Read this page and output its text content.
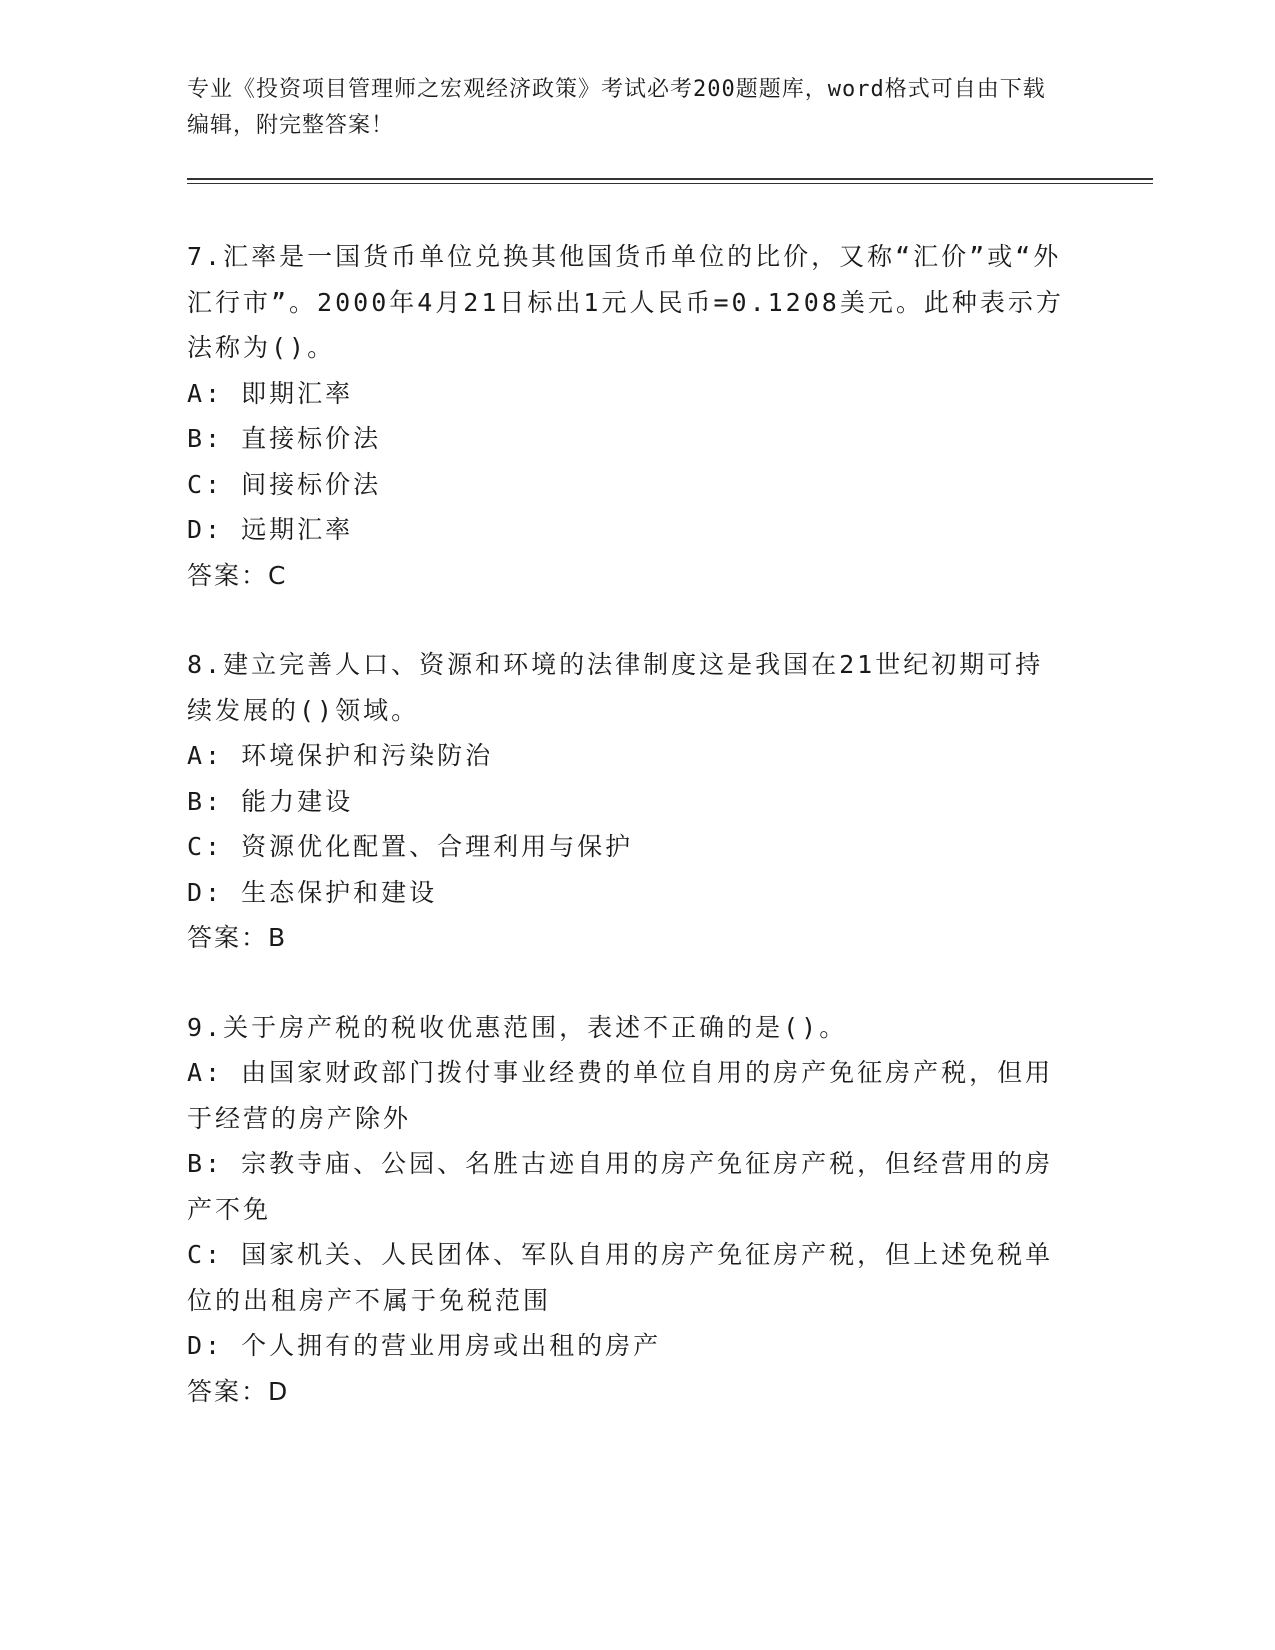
专业《投资项目管理师之宏观经济政策》考试必考200题题库，word格式可自由下载编辑，附完整答案！
7.汇率是一国货币单位兑换其他国货币单位的比价，又称“汇价”或“外汇行市”。2000年4月21日标出1元人民币=0.1208美元。此种表示方法称为()。
A: 即期汇率
B: 直接标价法
C: 间接标价法
D: 远期汇率
答案：C
8.建立完善人口、资源和环境的法律制度这是我国在21世纪初期可持续发展的()领域。
A: 环境保护和污染防治
B: 能力建设
C: 资源优化配置、合理利用与保护
D: 生态保护和建设
答案：B
9.关于房产税的税收优惠范围，表述不正确的是()。
A: 由国家财政部门拨付事业经费的单位自用的房产免征房产税，但用于经营的房产除外
B: 宗教寺庙、公园、名胜古迹自用的房产免征房产税，但经营用的房产不免
C: 国家机关、人民团体、军队自用的房产免征房产税，但上述免税单位的出租房产不属于免税范围
D: 个人拥有的营业用房或出租的房产
答案：D
